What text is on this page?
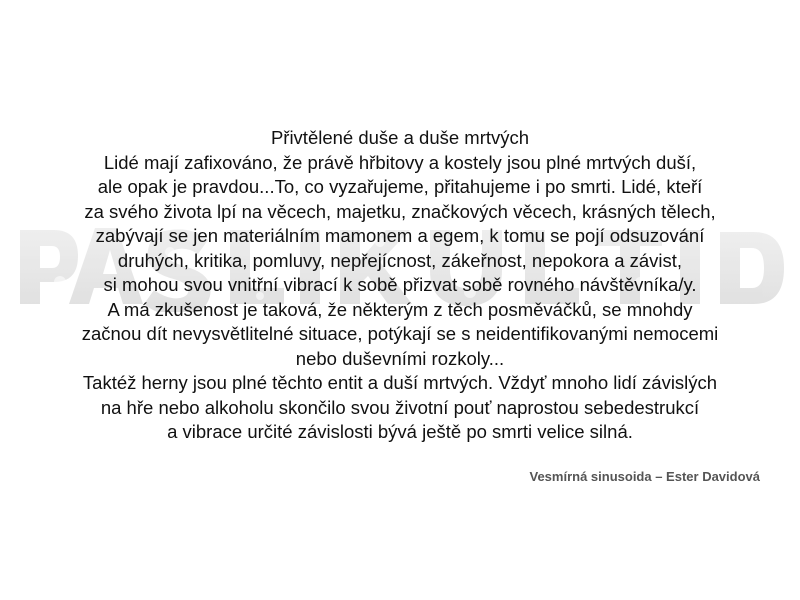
Přivtělené duše a duše mrtvých
Lidé mají zafixováno, že právě hřbitovy a kostely jsou plné mrtvých duší,
ale opak je pravdou...To, co vyzařujeme, přitahujeme i po smrti. Lidé, kteří
za svého života lpí na věcech, majetku, značkových věcech, krásných tělech,
zabývají se jen materiálním mamonem a egem, k tomu se pojí odsuzování
druhých, kritika, pomluvy, nepřejícnost, zákeřnost, nepokora a závist,
si mohou svou vnitřní vibrací k sobě přizvat sobě rovného návštěvníka/y.
A má zkušenost je taková, že některým z těch posměváčků, se mnohdy
začnou dít nevysvětlitelné situace, potýkají se s neidentifikovanými nemocemi
nebo duševními rozkoly...
Taktéž herny jsou plné těchto entit a duší mrtvých. Vždyť mnoho lidí závislých
na hře nebo alkoholu skončilo svou životní pouť naprostou sebedestrukcí
a vibrace určité závislosti bývá ještě po smrti velice silná.
Vesmírná sinusoida – Ester Davidová
